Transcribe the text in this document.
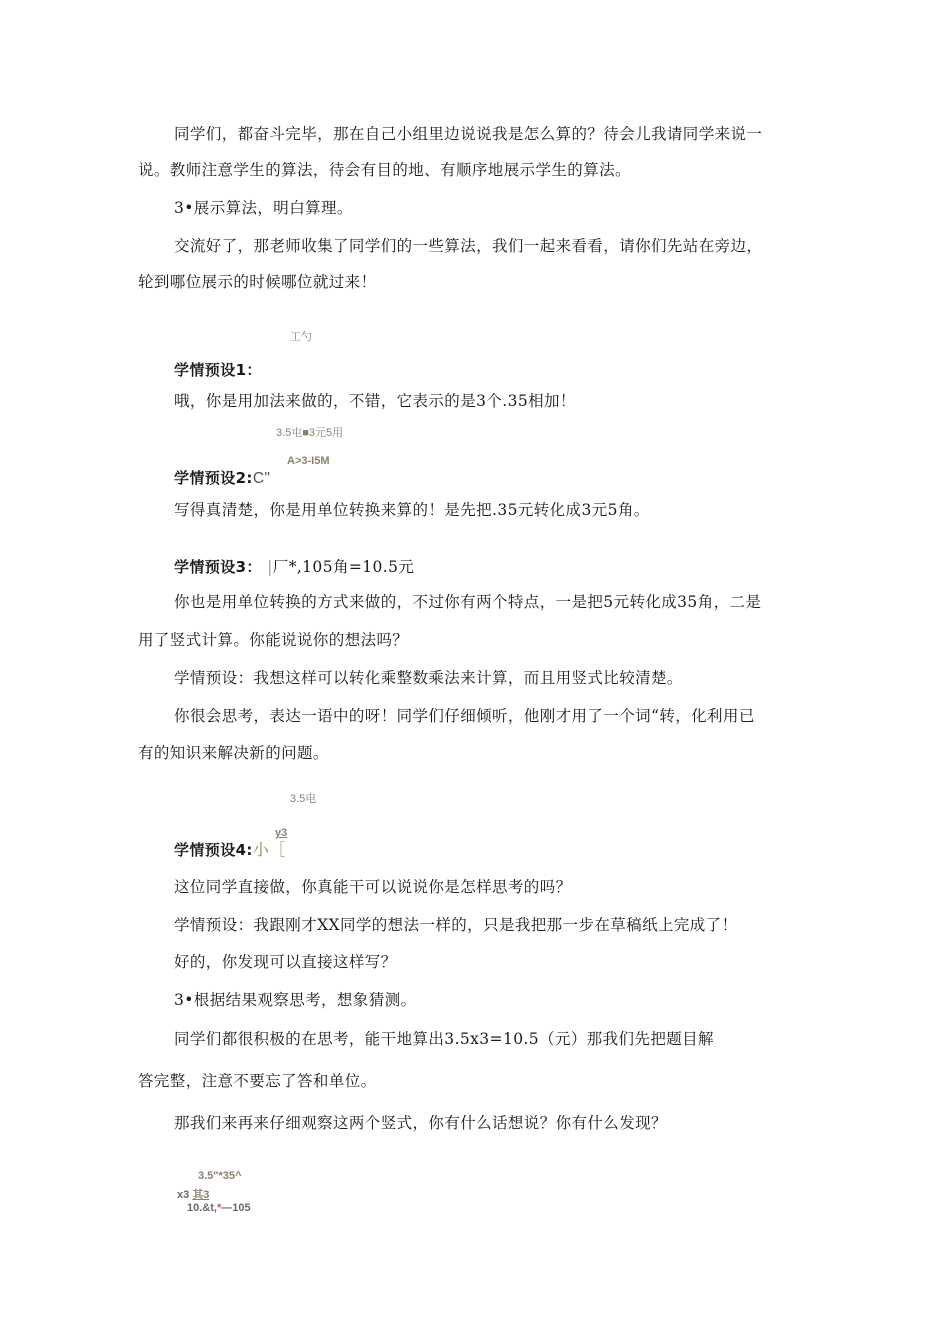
同学们，都奋斗完毕，那在自己小组里边说说我是怎么算的？待会儿我请同学来说一
说。教师注意学生的算法，待会有目的地、有顺序地展示学生的算法。
3•展示算法，明白算理。
交流好了，那老师收集了同学们的一些算法，我们一起来看看，请你们先站在旁边，
轮到哪位展示的时候哪位就过来！
工勺
学情预设1：
哦，你是用加法来做的，不错，它表示的是3个.35相加！
3.5屯■3元5用
A>3-I5M
学情预设2:C"
写得真清楚，你是用单位转换来算的！是先把.35元转化成3元5角。
学情预设3： |厂*,105角=10.5元
你也是用单位转换的方式来做的，不过你有两个特点，一是把5元转化成35角，二是
用了竖式计算。你能说说你的想法吗？
学情预设：我想这样可以转化乘整数乘法来计算，而且用竖式比较清楚。
你很会思考，表达一语中的呀！同学们仔细倾听，他刚才用了一个词“转，化利用已
有的知识来解决新的问题。
3.5电
y3
学情预设4:小［
这位同学直接做，你真能干可以说说你是怎样思考的吗？
学情预设：我跟刚才XX同学的想法一样的，只是我把那一步在草稿纸上完成了！
好的，你发现可以直接这样写？
3•根据结果观察思考，想象猜测。
同学们都很积极的在思考，能干地算出3.5x3=10.5（元）那我们先把题目解
答完整，注意不要忘了答和单位。
那我们来再来仔细观察这两个竖式，你有什么话想说？你有什么发现？
3.5"*35^
x3 其3
10.&t,*—105
